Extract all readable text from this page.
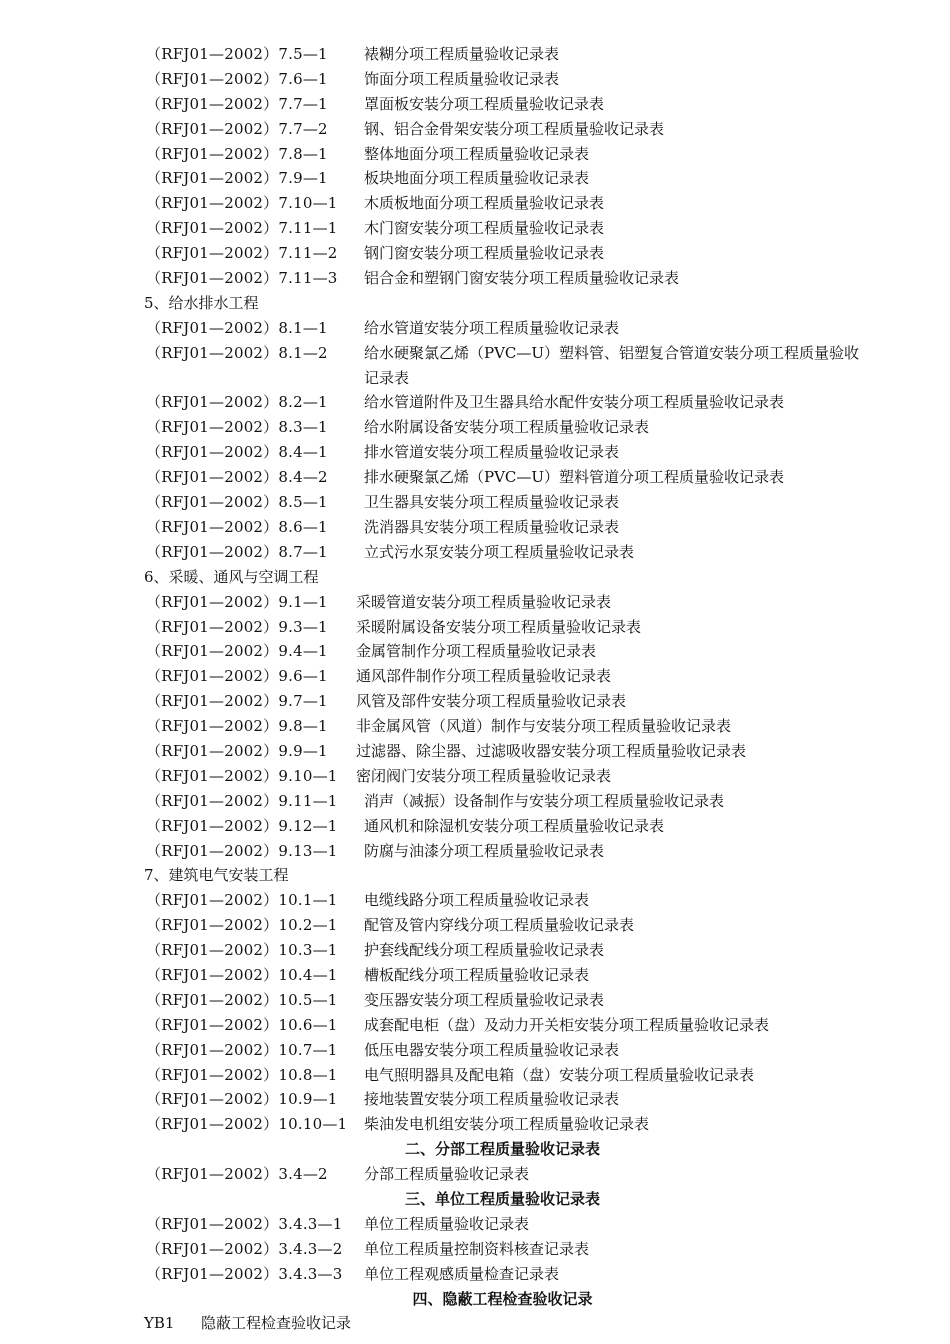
（RFJ01—2002）7.5—1 裱糊分项工程质量验收记录表
（RFJ01—2002）7.6—1 饰面分项工程质量验收记录表
（RFJ01—2002）7.7—1 罩面板安装分项工程质量验收记录表
（RFJ01—2002）7.7—2 钢、铝合金骨架安装分项工程质量验收记录表
（RFJ01—2002）7.8—1 整体地面分项工程质量验收记录表
（RFJ01—2002）7.9—1 板块地面分项工程质量验收记录表
（RFJ01—2002）7.10—1 木质板地面分项工程质量验收记录表
（RFJ01—2002）7.11—1 木门窗安装分项工程质量验收记录表
（RFJ01—2002）7.11—2 钢门窗安装分项工程质量验收记录表
（RFJ01—2002）7.11—3 铝合金和塑钢门窗安装分项工程质量验收记录表
5、给水排水工程
（RFJ01—2002）8.1—1 给水管道安装分项工程质量验收记录表
（RFJ01—2002）8.1—2 给水硬聚氯乙烯（PVC—U）塑料管、铝塑复合管道安装分项工程质量验收记录表
（RFJ01—2002）8.2—1 给水管道附件及卫生器具给水配件安装分项工程质量验收记录表
（RFJ01—2002）8.3—1 给水附属设备安装分项工程质量验收记录表
（RFJ01—2002）8.4—1 排水管道安装分项工程质量验收记录表
（RFJ01—2002）8.4—2 排水硬聚氯乙烯（PVC—U）塑料管道分项工程质量验收记录表
（RFJ01—2002）8.5—1 卫生器具安装分项工程质量验收记录表
（RFJ01—2002）8.6—1 洗消器具安装分项工程质量验收记录表
（RFJ01—2002）8.7—1 立式污水泵安装分项工程质量验收记录表
6、采暖、通风与空调工程
（RFJ01—2002）9.1—1 采暖管道安装分项工程质量验收记录表
（RFJ01—2002）9.3—1 采暖附属设备安装分项工程质量验收记录表
（RFJ01—2002）9.4—1 金属管制作分项工程质量验收记录表
（RFJ01—2002）9.6—1 通风部件制作分项工程质量验收记录表
（RFJ01—2002）9.7—1 风管及部件安装分项工程质量验收记录表
（RFJ01—2002）9.8—1 非金属风管（风道）制作与安装分项工程质量验收记录表
（RFJ01—2002）9.9—1 过滤器、除尘器、过滤吸收器安装分项工程质量验收记录表
（RFJ01—2002）9.10—1 密闭阀门安装分项工程质量验收记录表
（RFJ01—2002）9.11—1 消声（减振）设备制作与安装分项工程质量验收记录表
（RFJ01—2002）9.12—1 通风机和除湿机安装分项工程质量验收记录表
（RFJ01—2002）9.13—1 防腐与油漆分项工程质量验收记录表
7、建筑电气安装工程
（RFJ01—2002）10.1—1 电缆线路分项工程质量验收记录表
（RFJ01—2002）10.2—1 配管及管内穿线分项工程质量验收记录表
（RFJ01—2002）10.3—1 护套线配线分项工程质量验收记录表
（RFJ01—2002）10.4—1 槽板配线分项工程质量验收记录表
（RFJ01—2002）10.5—1 变压器安装分项工程质量验收记录表
（RFJ01—2002）10.6—1 成套配电柜（盘）及动力开关柜安装分项工程质量验收记录表
（RFJ01—2002）10.7—1 低压电器安装分项工程质量验收记录表
（RFJ01—2002）10.8—1 电气照明器具及配电箱（盘）安装分项工程质量验收记录表
（RFJ01—2002）10.9—1 接地装置安装分项工程质量验收记录表
（RFJ01—2002）10.10—1 柴油发电机组安装分项工程质量验收记录表
二、分部工程质量验收记录表
（RFJ01—2002）3.4—2 分部工程质量验收记录表
三、单位工程质量验收记录表
（RFJ01—2002）3.4.3—1 单位工程质量验收记录表
（RFJ01—2002）3.4.3—2 单位工程质量控制资料核查记录表
（RFJ01—2002）3.4.3—3 单位工程观感质量检查记录表
四、隐蔽工程检查验收记录
YB1 隐蔽工程检查验收记录
